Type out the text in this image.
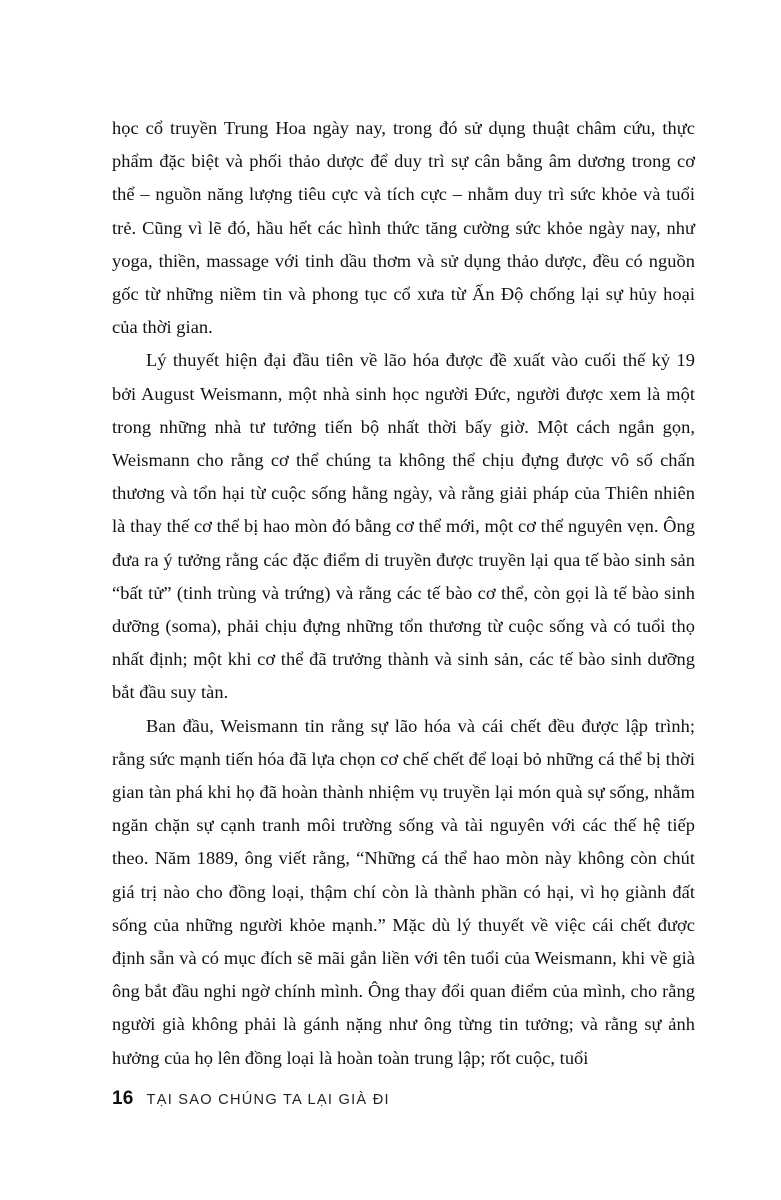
học cổ truyền Trung Hoa ngày nay, trong đó sử dụng thuật châm cứu, thực phẩm đặc biệt và phối thảo dược để duy trì sự cân bằng âm dương trong cơ thể – nguồn năng lượng tiêu cực và tích cực – nhằm duy trì sức khỏe và tuổi trẻ. Cũng vì lẽ đó, hầu hết các hình thức tăng cường sức khỏe ngày nay, như yoga, thiền, massage với tinh dầu thơm và sử dụng thảo dược, đều có nguồn gốc từ những niềm tin và phong tục cổ xưa từ Ấn Độ chống lại sự hủy hoại của thời gian.

Lý thuyết hiện đại đầu tiên về lão hóa được đề xuất vào cuối thế kỷ 19 bởi August Weismann, một nhà sinh học người Đức, người được xem là một trong những nhà tư tưởng tiến bộ nhất thời bấy giờ. Một cách ngắn gọn, Weismann cho rằng cơ thể chúng ta không thể chịu đựng được vô số chấn thương và tổn hại từ cuộc sống hằng ngày, và rằng giải pháp của Thiên nhiên là thay thế cơ thể bị hao mòn đó bằng cơ thể mới, một cơ thể nguyên vẹn. Ông đưa ra ý tưởng rằng các đặc điểm di truyền được truyền lại qua tế bào sinh sản “bất tử” (tinh trùng và trứng) và rằng các tế bào cơ thể, còn gọi là tế bào sinh dưỡng (soma), phải chịu đựng những tổn thương từ cuộc sống và có tuổi thọ nhất định; một khi cơ thể đã trưởng thành và sinh sản, các tế bào sinh dưỡng bắt đầu suy tàn.

Ban đầu, Weismann tin rằng sự lão hóa và cái chết đều được lập trình; rằng sức mạnh tiến hóa đã lựa chọn cơ chế chết để loại bỏ những cá thể bị thời gian tàn phá khi họ đã hoàn thành nhiệm vụ truyền lại món quà sự sống, nhằm ngăn chặn sự cạnh tranh môi trường sống và tài nguyên với các thế hệ tiếp theo. Năm 1889, ông viết rằng, “Những cá thể hao mòn này không còn chút giá trị nào cho đồng loại, thậm chí còn là thành phần có hại, vì họ giành đất sống của những người khỏe mạnh.” Mặc dù lý thuyết về việc cái chết được định sẵn và có mục đích sẽ mãi gắn liền với tên tuổi của Weismann, khi về già ông bắt đầu nghi ngờ chính mình. Ông thay đổi quan điểm của mình, cho rằng người già không phải là gánh nặng như ông từng tin tưởng; và rằng sự ảnh hưởng của họ lên đồng loại là hoàn toàn trung lập; rốt cuộc, tuổi

16 TẠI SAO CHÚNG TA LẠI GIÀ ĐI
